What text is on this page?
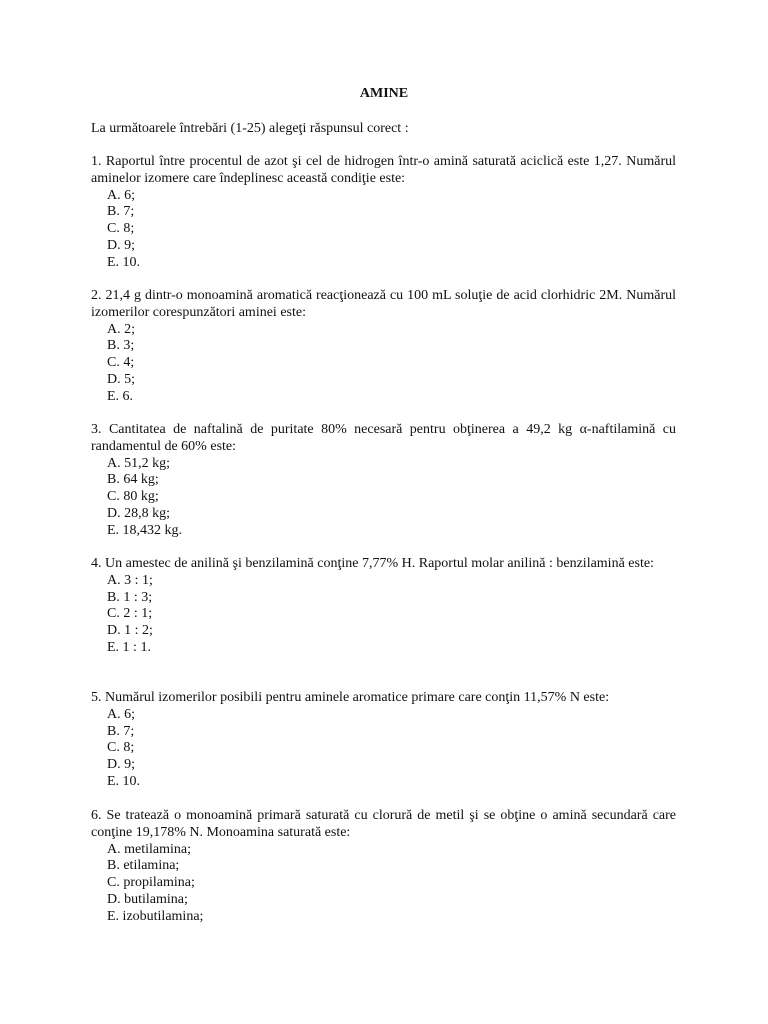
AMINE
La următoarele întrebări (1-25) alegeţi răspunsul corect :
1. Raportul între procentul de azot şi cel de hidrogen într-o amină saturată aciclică este 1,27. Numărul aminelor izomere care îndeplinesc această condiţie este:
A. 6;
B. 7;
C. 8;
D. 9;
E. 10.
2. 21,4 g dintr-o monoamină aromatică reacţionează cu 100 mL soluţie de acid clorhidric 2M. Numărul izomerilor corespunzători aminei este:
A. 2;
B. 3;
C. 4;
D. 5;
E. 6.
3. Cantitatea de naftalină de puritate 80% necesară pentru obţinerea a 49,2 kg α-naftilamină cu randamentul de 60% este:
A. 51,2 kg;
B. 64 kg;
C. 80 kg;
D. 28,8 kg;
E. 18,432 kg.
4. Un amestec de anilină şi benzilamină conţine 7,77% H. Raportul molar anilină : benzilamină este:
A. 3 : 1;
B. 1 : 3;
C. 2 : 1;
D. 1 : 2;
E. 1 : 1.
5. Numărul izomerilor posibili pentru aminele aromatice primare care conţin 11,57% N este:
A. 6;
B. 7;
C. 8;
D. 9;
E. 10.
6. Se tratează o monoamină primară saturată cu clorură de metil şi se obţine o amină secundară care conţine 19,178% N. Monoamina saturată este:
A. metilamina;
B. etilamina;
C. propilamina;
D. butilamina;
E. izobutilamina;
